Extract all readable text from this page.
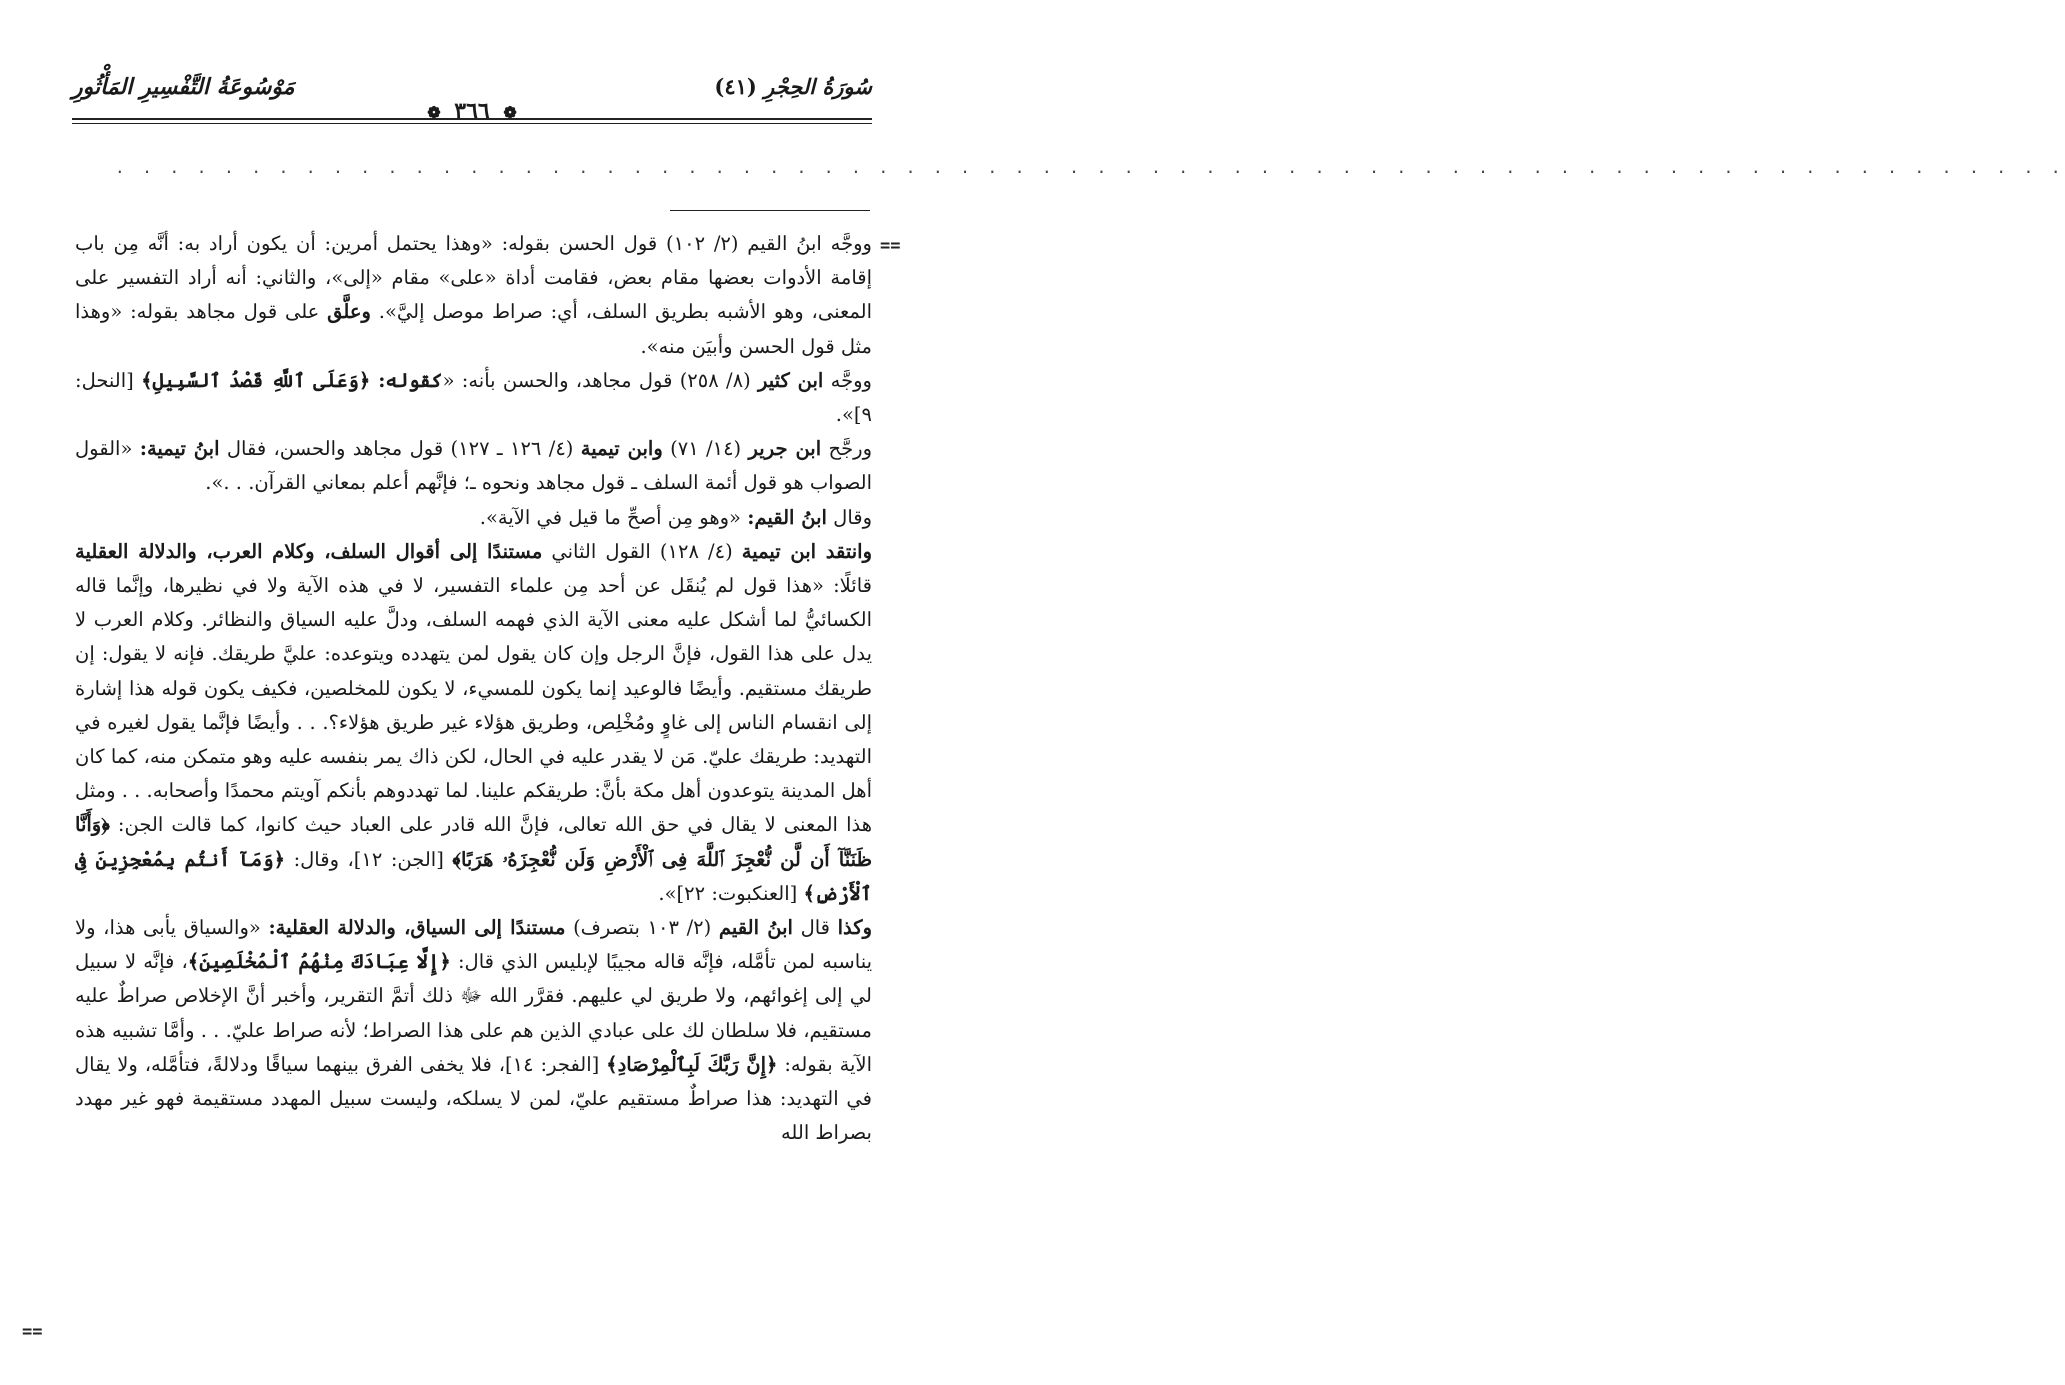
سُورَةُ الحِجْرِ (٤١)
❁ ٣٦٦ ❁
مَوْسُوعَةُ التَّفْسِيرِ المَأْثُورِ
. . . . . . . . . . . . . . . . . . . . . . . . . . . . . . . . . . . . . . . . . . . . . . . . . . . . . . . . . . . . . . . . . . . . . . . .
==
==

ووجَّه ابنُ القيم (٢/ ١٠٢) قول الحسن بقوله: «وهذا يحتمل أمرين: أن يكون أراد به: أنَّه مِن باب إقامة الأدوات بعضها مقام بعض، فقامت أداة «على» مقام «إلى»، والثاني: أنه أراد التفسير على المعنى، وهو الأشبه بطريق السلف، أي: صراط موصل إليَّ». وعلَّق على قول مجاهد بقوله: «وهذا مثل قول الحسن وأبيَن منه».

ووجَّه ابن كثير (٨/ ٢٥٨) قول مجاهد، والحسن بأنه: «كقوله: ﴿وَعَلَى ٱللَّهِ قَصْدُ ٱلسَّبِيلِ﴾ [النحل: ٩]».

ورجَّح ابن جرير (١٤/ ٧١) وابن تيمية (٤/ ١٢٦ ـ ١٢٧) قول مجاهد والحسن، فقال ابنُ تيمية: «القول الصواب هو قول أئمة السلف ـ قول مجاهد ونحوه ـ؛ فإنَّهم أعلم بمعاني القرآن. . .».

وقال ابنُ القيم: «وهو مِن أصحِّ ما قيل في الآية».

وانتقد ابن تيمية (٤/ ١٢٨) القول الثاني مستندًا إلى أقوال السلف، وكلام العرب، والدلالة العقلية قائلًا: «هذا قول لم يُنقَل عن أحد مِن علماء التفسير، لا في هذه الآية ولا في نظيرها، وإنَّما قاله الكسائيُّ لما أشكل عليه معنى الآية الذي فهمه السلف، ودلَّ عليه السياق والنظائر. وكلام العرب لا يدل على هذا القول، فإنَّ الرجل وإن كان يقول لمن يتهدده ويتوعده: عليَّ طريقك. فإنه لا يقول: إن طريقك مستقيم. وأيضًا فالوعيد إنما يكون للمسيء، لا يكون للمخلصين، فكيف يكون قوله هذا إشارة إلى انقسام الناس إلى غاوٍ ومُخْلِص، وطريق هؤلاء غير طريق هؤلاء؟. . . وأيضًا فإنَّما يقول لغيره في التهديد: طريقك عليّ. مَن لا يقدر عليه في الحال، لكن ذاك يمر بنفسه عليه وهو متمكن منه، كما كان أهل المدينة يتوعدون أهل مكة بأنَّ: طريقكم علينا. لما تهددوهم بأنكم آويتم محمدًا وأصحابه. . . ومثل هذا المعنى لا يقال في حق الله تعالى، فإنَّ الله قادر على العباد حيث كانوا، كما قالت الجن: ﴿وَأَنَّا ظَنَنَّآ أَن لَّن نُّعْجِزَ ٱللَّهَ فِى ٱلْأَرْضِ وَلَن نُّعْجِزَهُۥ هَرَبًا﴾ [الجن: ١٢]، وقال: ﴿وَمَآ أَنتُم بِمُعْجِزِينَ فِى ٱلْأَرْضِ﴾ [العنكبوت: ٢٢]».

وكذا قال ابنُ القيم (٢/ ١٠٣ بتصرف) مستندًا إلى السياق، والدلالة العقلية: «والسياق يأبى هذا، ولا يناسبه لمن تأمَّله، فإنَّه قاله مجيبًا لإبليس الذي قال: ﴿إِلَّا عِبَادَكَ مِنْهُمُ ٱلْمُخْلَصِينَ﴾، فإنَّه لا سبيل لي إلى إغوائهم، ولا طريق لي عليهم. فقرَّر الله ﷻ ذلك أتمَّ التقرير، وأخبر أنَّ الإخلاص صراطٌ عليه مستقيم، فلا سلطان لك على عبادي الذين هم على هذا الصراط؛ لأنه صراط عليّ. . . وأمَّا تشبيه هذه الآية بقوله: ﴿إِنَّ رَبَّكَ لَبِٱلْمِرْصَادِ﴾ [الفجر: ١٤]، فلا يخفى الفرق بينهما سياقًا ودلالةً، فتأمَّله، ولا يقال في التهديد: هذا صراطٌ مستقيم عليّ، لمن لا يسلكه، وليست سبيل المهدد مستقيمة فهو غير مهدد بصراط الله
